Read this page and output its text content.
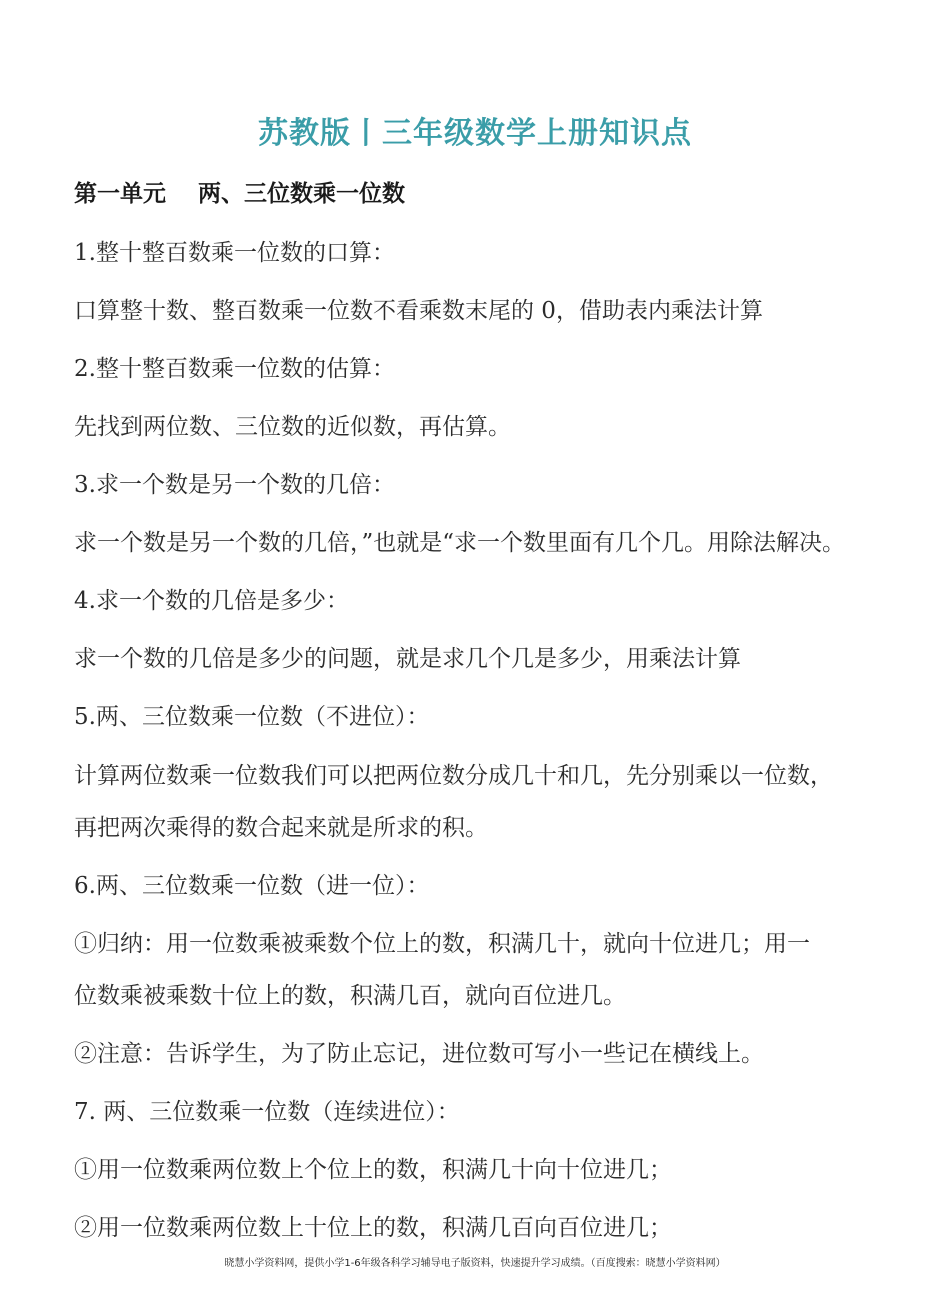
苏教版丨三年级数学上册知识点
第一单元    两、三位数乘一位数
1.整十整百数乘一位数的口算：
口算整十数、整百数乘一位数不看乘数末尾的 0，借助表内乘法计算
2.整十整百数乘一位数的估算：
先找到两位数、三位数的近似数，再估算。
3.求一个数是另一个数的几倍：
求一个数是另一个数的几倍，”也就是“求一个数里面有几个几。用除法解决。
4.求一个数的几倍是多少：
求一个数的几倍是多少的问题，就是求几个几是多少，用乘法计算
5.两、三位数乘一位数（不进位）：
计算两位数乘一位数我们可以把两位数分成几十和几，先分别乘以一位数，
再把两次乘得的数合起来就是所求的积。
6.两、三位数乘一位数（进一位）：
①归纳：用一位数乘被乘数个位上的数，积满几十，就向十位进几；用一
位数乘被乘数十位上的数，积满几百，就向百位进几。
②注意：告诉学生，为了防止忘记，进位数可写小一些记在横线上。
7. 两、三位数乘一位数（连续进位）：
①用一位数乘两位数上个位上的数，积满几十向十位进几；
②用一位数乘两位数上十位上的数，积满几百向百位进几；
晓慧小学资料网，提供小学1-6年级各科学习辅导电子版资料，快速提升学习成绩。（百度搜索：晓慧小学资料网）
